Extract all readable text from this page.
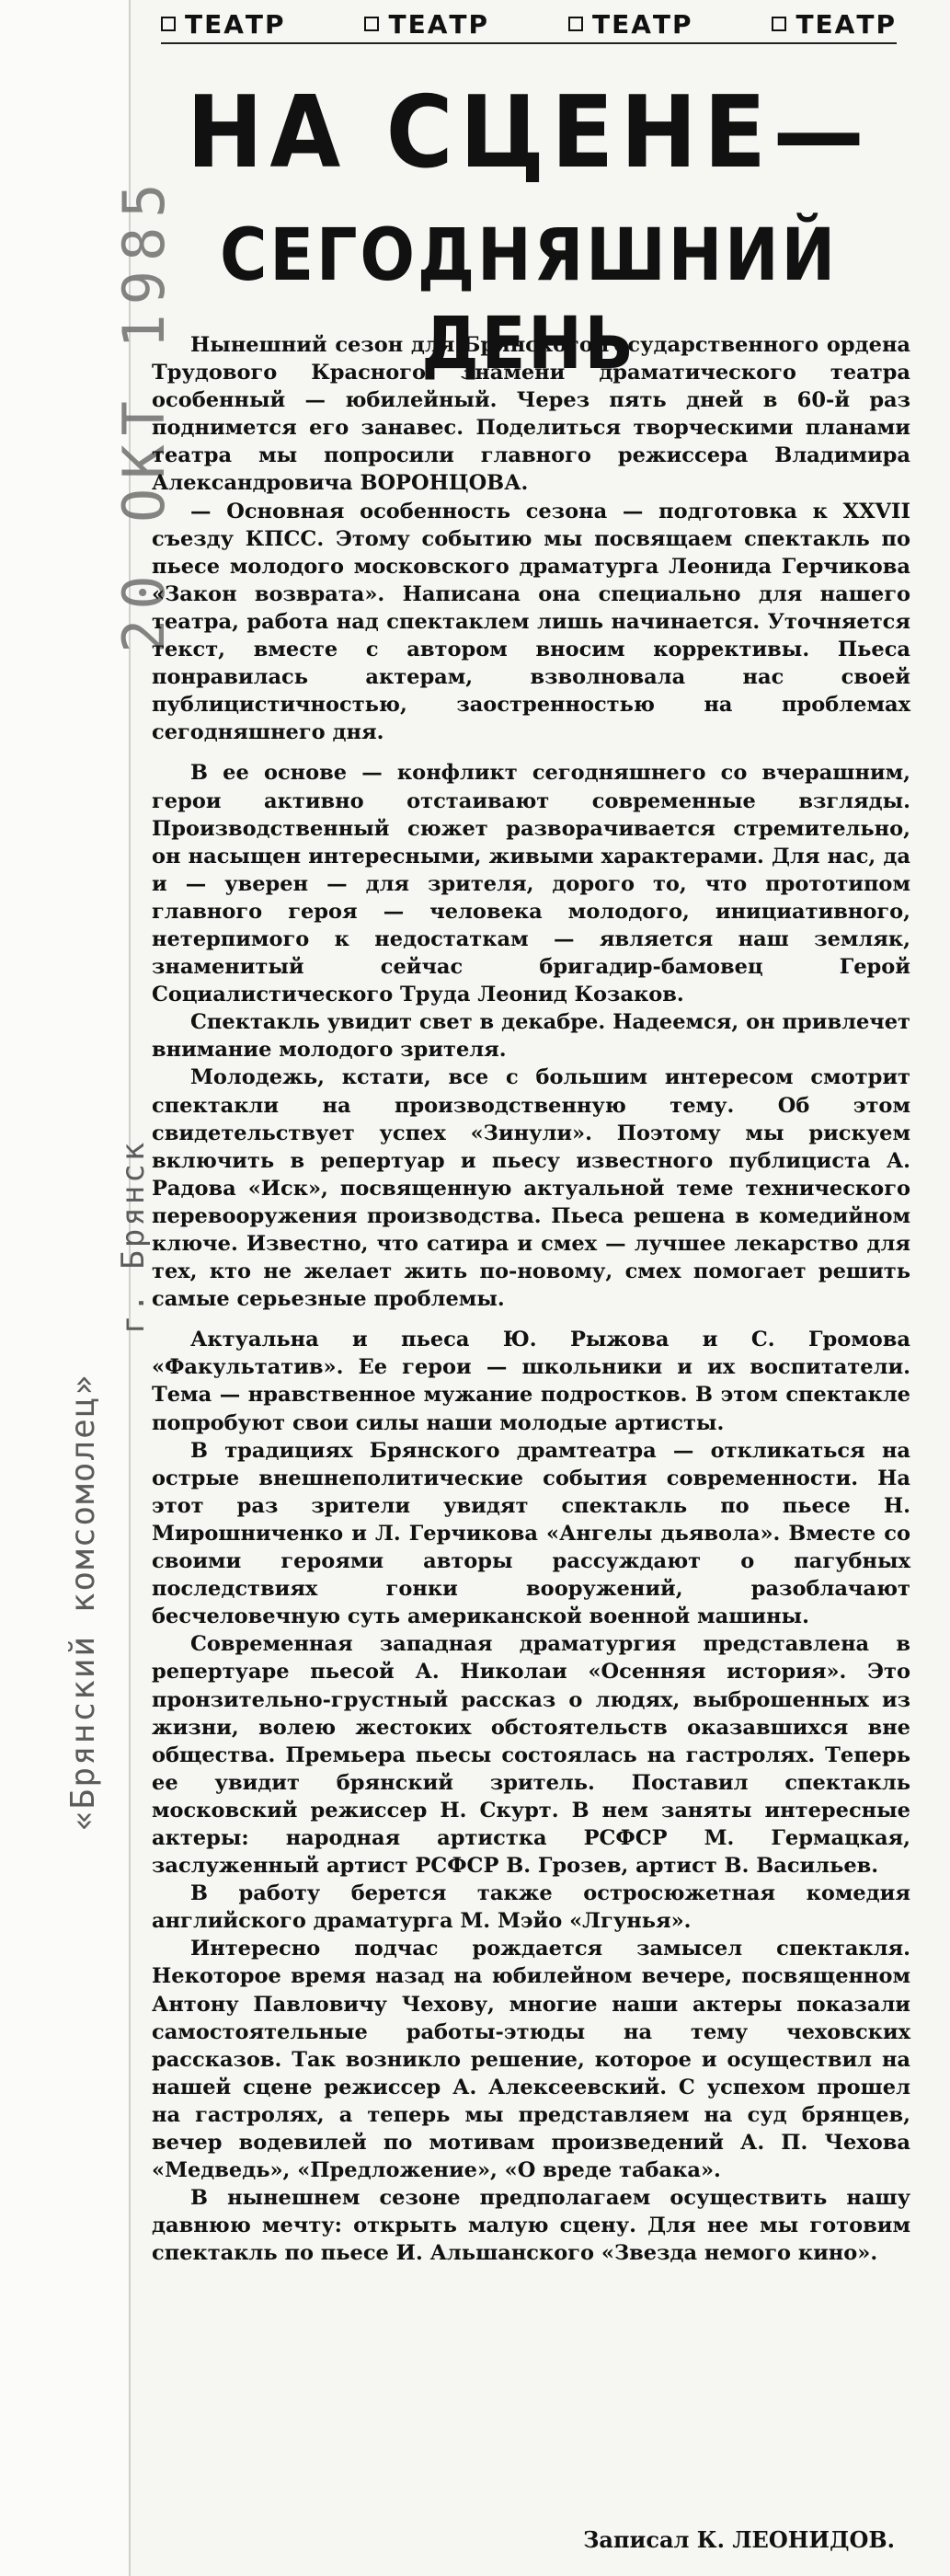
ТЕАТР	ТЕАТР	ТЕАТР	ТЕАТР
НА СЦЕНЕ—
СЕГОДНЯШНИЙ ДЕНЬ
20 ОКТ 1985
«Брянский комсомолец»
г. Брянск

Нынешний сезон для Брянского государственного ордена Трудового Красного Знамени драматического театра особенный — юбилейный. Через пять дней в 60-й раз поднимется его занавес. Поделиться творческими планами театра мы попросили главного режиссера Владимира Александровича ВОРОНЦОВА.

— Основная особенность сезона — подготовка к XXVII съезду КПСС. Этому событию мы посвящаем спектакль по пьесе молодого московского драматурга Леонида Герчикова «Закон возврата». Написана она специально для нашего театра, работа над спектаклем лишь начинается. Уточняется текст, вместе с автором вносим коррективы. Пьеса понравилась актерам, взволновала нас своей публицистичностью, заостренностью на проблемах сегодняшнего дня.

В ее основе — конфликт сегодняшнего со вчерашним, герои активно отстаивают современные взгляды. Производственный сюжет разворачивается стремительно, он насыщен интересными, живыми характерами. Для нас, да и — уверен — для зрителя, дорого то, что прототипом главного героя — человека молодого, инициативного, нетерпимого к недостаткам — является наш земляк, знаменитый сейчас бригадир-бамовец Герой Социалистического Труда Леонид Козаков.

Спектакль увидит свет в декабре. Надеемся, он привлечет внимание молодого зрителя.

Молодежь, кстати, все с большим интересом смотрит спектакли на производственную тему. Об этом свидетельствует успех «Зинули». Поэтому мы рискуем включить в репертуар и пьесу известного публициста А. Радова «Иск», посвященную актуальной теме технического перевооружения производства. Пьеса решена в комедийном ключе. Известно, что сатира и смех — лучшее лекарство для тех, кто не желает жить по-новому, смех помогает решить самые серьезные проблемы.

Актуальна и пьеса Ю. Рыжова и С. Громова «Факультатив». Ее герои — школьники и их воспитатели. Тема — нравственное мужание подростков. В этом спектакле попробуют свои силы наши молодые артисты.

В традициях Брянского драмтеатра — откликаться на острые внешнеполитические события современности. На этот раз зрители увидят спектакль по пьесе Н. Мирошниченко и Л. Герчикова «Ангелы дьявола». Вместе со своими героями авторы рассуждают о пагубных последствиях гонки вооружений, разоблачают бесчеловечную суть американской военной машины.

Современная западная драматургия представлена в репертуаре пьесой А. Николаи «Осенняя история». Это пронзительно-грустный рассказ о людях, выброшенных из жизни, волею жестоких обстоятельств оказавшихся вне общества. Премьера пьесы состоялась на гастролях. Теперь ее увидит брянский зритель. Поставил спектакль московский режиссер Н. Скурт. В нем заняты интересные актеры: народная артистка РСФСР М. Гермацкая, заслуженный артист РСФСР В. Грозев, артист В. Васильев.

В работу берется также остросюжетная комедия английского драматурга М. Мэйо «Лгунья».

Интересно подчас рождается замысел спектакля. Некоторое время назад на юбилейном вечере, посвященном Антону Павловичу Чехову, многие наши актеры показали самостоятельные работы-этюды на тему чеховских рассказов. Так возникло решение, которое и осуществил на нашей сцене режиссер А. Алексеевский. С успехом прошел на гастролях, а теперь мы представляем на суд брянцев, вечер водевилей по мотивам произведений А. П. Чехова «Медведь», «Предложение», «О вреде табака».

В нынешнем сезоне предполагаем осуществить нашу давнюю мечту: открыть малую сцену. Для нее мы готовим спектакль по пьесе И. Альшанского «Звезда немого кино».

Записал К. ЛЕОНИДОВ.
